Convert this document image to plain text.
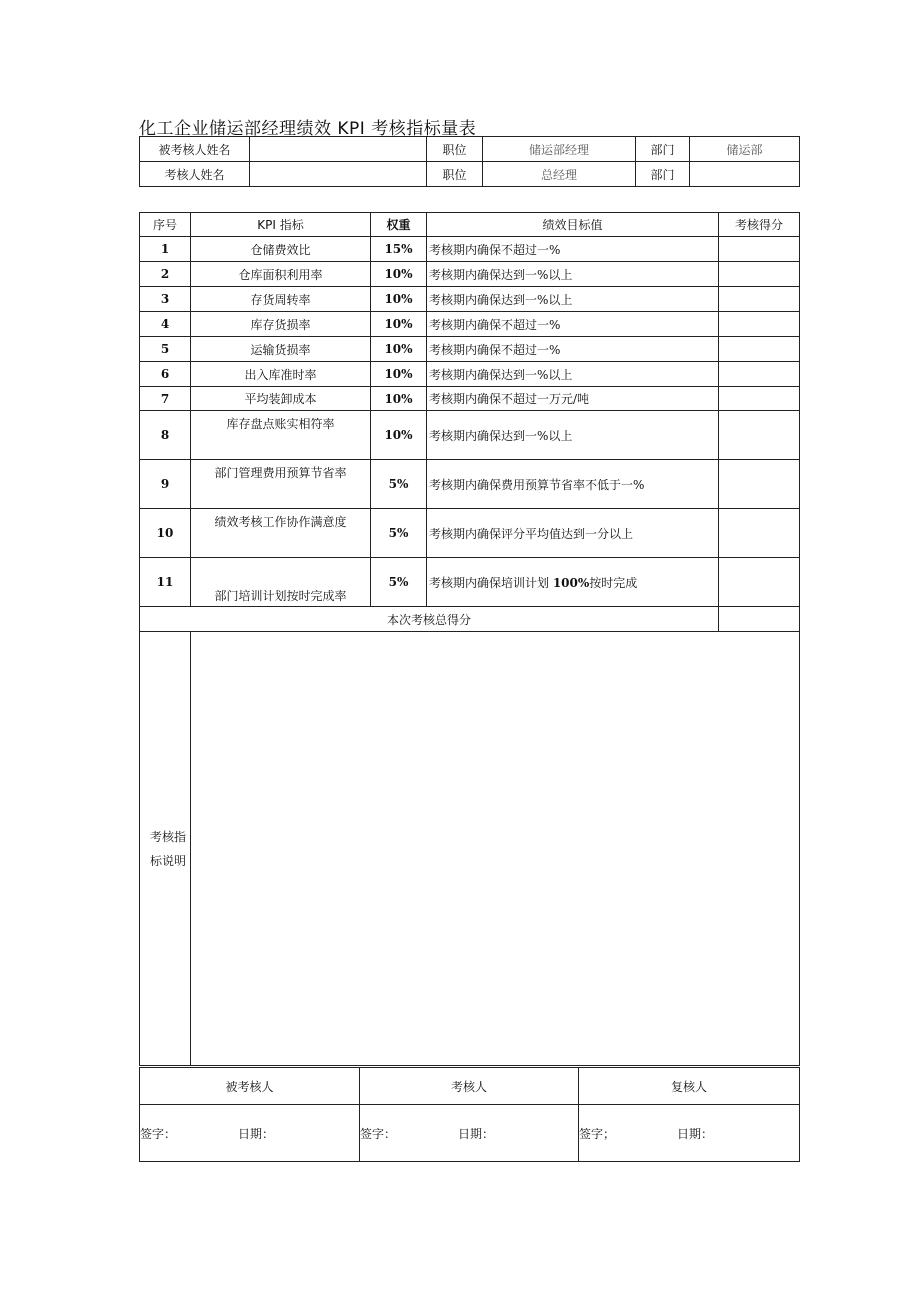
化工企业储运部经理绩效 KPI 考核指标量表
被考核人姓名		职位	储运部经理	部门	储运部
考核人姓名		职位	总经理	部门	
序号	KPI 指标	权重	绩效目标值	考核得分
1	仓储费效比	15%	考核期内确保不超过一%	
2	仓库面积利用率	10%	考核期内确保达到一%以上	
3	存货周转率	10%	考核期内确保达到一%以上	
4	库存货损率	10%	考核期内确保不超过一%	
5	运输货损率	10%	考核期内确保不超过一%	
6	出入库准时率	10%	考核期内确保达到一%以上	
7	平均装卸成本	10%	考核期内确保不超过一万元/吨	
8	库存盘点账实相符率	10%	考核期内确保达到一%以上	
9	部门管理费用预算节省率	5%	考核期内确保费用预算节省率不低于一%	
10	绩效考核工作协作满意度	5%	考核期内确保评分平均值达到一分以上	
11	部门培训计划按时完成率	5%	考核期内确保培训计划 100%按时完成	
本次考核总得分				
考核指标说明				
被考核人	考核人	复核人
签字： 日期：	签字： 日期：	签字； 日期：
